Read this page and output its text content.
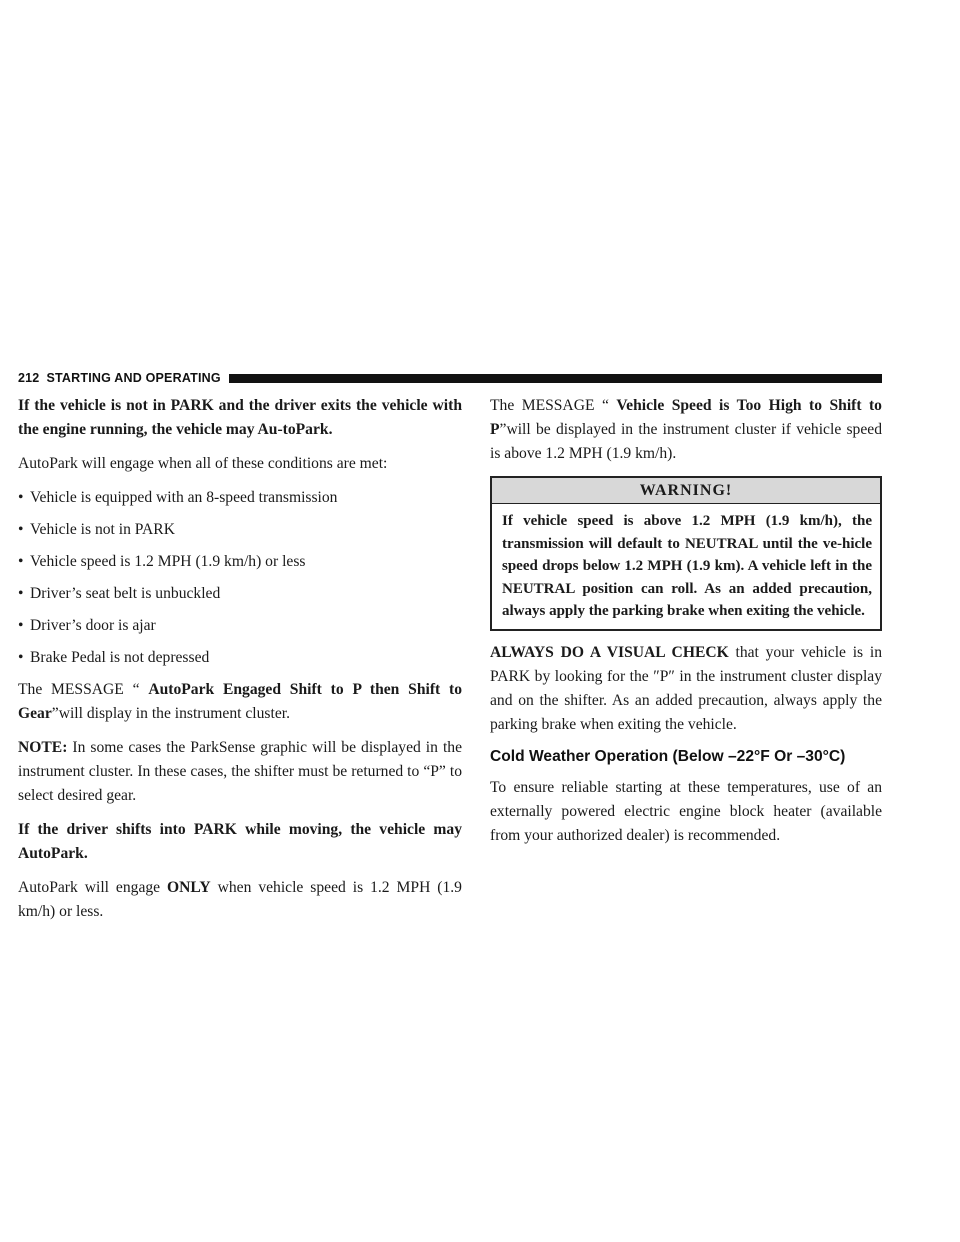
212 STARTING AND OPERATING

If the vehicle is not in PARK and the driver exits the vehicle with the engine running, the vehicle may Au-toPark.

AutoPark will engage when all of these conditions are met:

• Vehicle is equipped with an 8-speed transmission
• Vehicle is not in PARK
• Vehicle speed is 1.2 MPH (1.9 km/h) or less
• Driver’s seat belt is unbuckled
• Driver’s door is ajar
• Brake Pedal is not depressed

The MESSAGE “ AutoPark Engaged Shift to P then Shift to Gear”will display in the instrument cluster.

NOTE: In some cases the ParkSense graphic will be displayed in the instrument cluster. In these cases, the shifter must be returned to “P” to select desired gear.

If the driver shifts into PARK while moving, the vehicle may AutoPark.

AutoPark will engage ONLY when vehicle speed is 1.2 MPH (1.9 km/h) or less.

The MESSAGE “ Vehicle Speed is Too High to Shift to P”will be displayed in the instrument cluster if vehicle speed is above 1.2 MPH (1.9 km/h).

WARNING!
If vehicle speed is above 1.2 MPH (1.9 km/h), the transmission will default to NEUTRAL until the ve-hicle speed drops below 1.2 MPH (1.9 km). A vehicle left in the NEUTRAL position can roll. As an added precaution, always apply the parking brake when exiting the vehicle.

ALWAYS DO A VISUAL CHECK that your vehicle is in PARK by looking for the ″P″ in the instrument cluster display and on the shifter. As an added precaution, always apply the parking brake when exiting the vehicle.

Cold Weather Operation (Below –22°F Or –30°C)

To ensure reliable starting at these temperatures, use of an externally powered electric engine block heater (available from your authorized dealer) is recommended.
